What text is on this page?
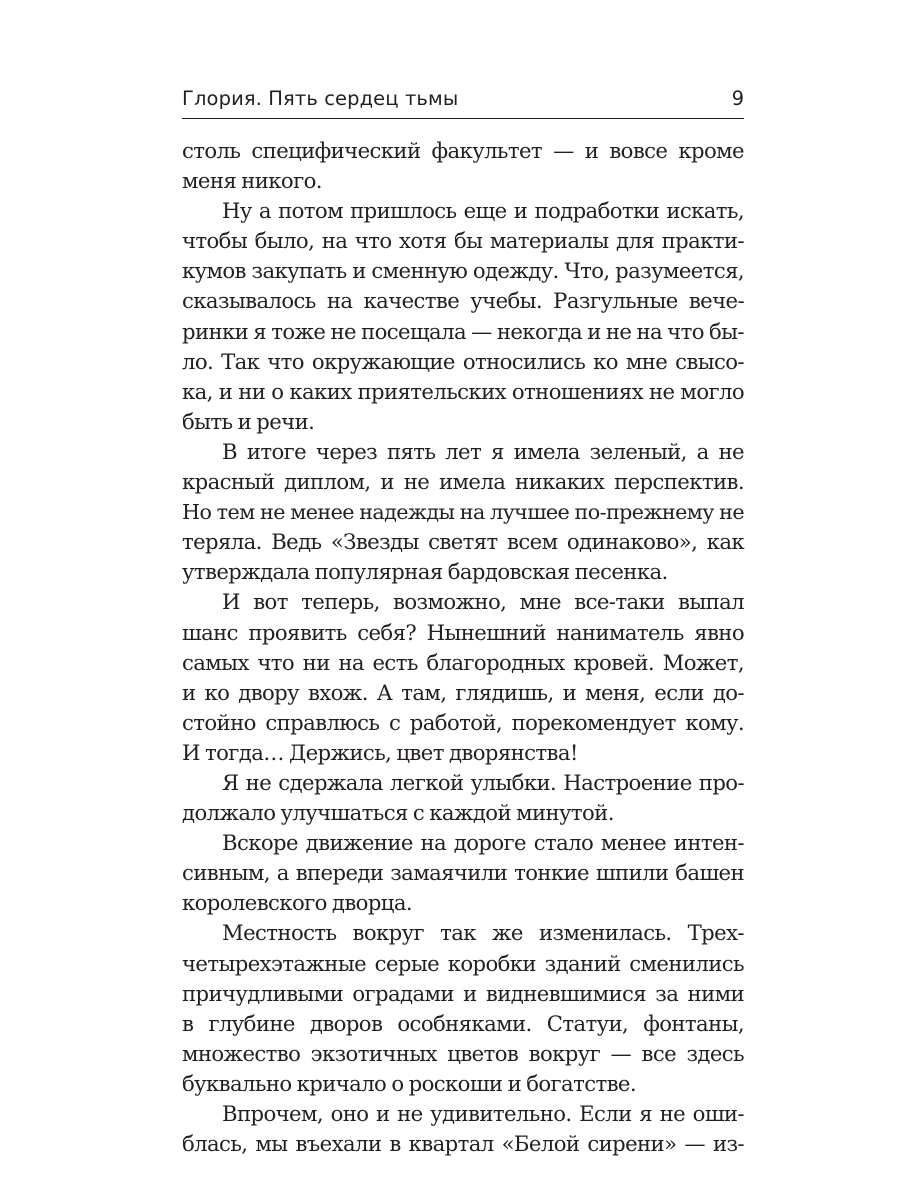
Глория. Пять сердец тьмы	9
столь специфический факультет — и вовсе кроме
меня никого.
Ну а потом пришлось еще и подработки искать,
чтобы было, на что хотя бы материалы для практи-
кумов закупать и сменную одежду. Что, разумеется,
сказывалось на качестве учебы. Разгульные вече-
ринки я тоже не посещала — некогда и не на что бы-
ло. Так что окружающие относились ко мне свысо-
ка, и ни о каких приятельских отношениях не могло
быть и речи.
В итоге через пять лет я имела зеленый, а не
красный диплом, и не имела никаких перспектив.
Но тем не менее надежды на лучшее по-прежнему не
теряла. Ведь «Звезды светят всем одинаково», как
утверждала популярная бардовская песенка.
И вот теперь, возможно, мне все-таки выпал
шанс проявить себя? Нынешний наниматель явно
самых что ни на есть благородных кровей. Может,
и ко двору вхож. А там, глядишь, и меня, если до-
стойно справлюсь с работой, порекомендует кому.
И тогда… Держись, цвет дворянства!
Я не сдержала легкой улыбки. Настроение про-
должало улучшаться с каждой минутой.
Вскоре движение на дороге стало менее интен-
сивным, а впереди замаячили тонкие шпили башен
королевского дворца.
Местность вокруг так же изменилась. Трех-
четырехэтажные серые коробки зданий сменились
причудливыми оградами и видневшимися за ними
в глубине дворов особняками. Статуи, фонтаны,
множество экзотичных цветов вокруг — все здесь
буквально кричало о роскоши и богатстве.
Впрочем, оно и не удивительно. Если я не оши-
блась, мы въехали в квартал «Белой сирени» — из-
